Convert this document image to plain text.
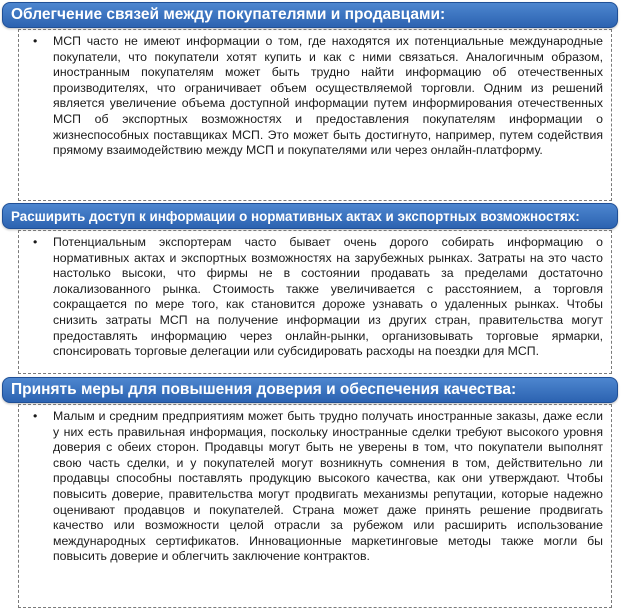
Облегчение связей между покупателями и продавцами:
• МСП часто не имеют информации о том, где находятся их потенциальные международные покупатели, что покупатели хотят купить и как с ними связаться. Аналогичным образом, иностранным покупателям может быть трудно найти информацию об отечественных производителях, что ограничивает объем осуществляемой торговли. Одним из решений является увеличение объема доступной информации путем информирования отечественных МСП об экспортных возможностях и предоставления покупателям информации о жизнеспособных поставщиках МСП. Это может быть достигнуто, например, путем содействия прямому взаимодействию между МСП и покупателями или через онлайн-платформу.

Расширить доступ к информации о нормативных актах и экспортных возможностях:
• Потенциальным экспортерам часто бывает очень дорого собирать информацию о нормативных актах и экспортных возможностях на зарубежных рынках. Затраты на это часто настолько высоки, что фирмы не в состоянии продавать за пределами достаточно локализованного рынка. Стоимость также увеличивается с расстоянием, а торговля сокращается по мере того, как становится дороже узнавать о удаленных рынках. Чтобы снизить затраты МСП на получение информации из других стран, правительства могут предоставлять информацию через онлайн-рынки, организовывать торговые ярмарки, спонсировать торговые делегации или субсидировать расходы на поездки для МСП.

Принять меры для повышения доверия и обеспечения качества:
• Малым и средним предприятиям может быть трудно получать иностранные заказы, даже если у них есть правильная информация, поскольку иностранные сделки требуют высокого уровня доверия с обеих сторон. Продавцы могут быть не уверены в том, что покупатели выполнят свою часть сделки, и у покупателей могут возникнуть сомнения в том, действительно ли продавцы способны поставлять продукцию высокого качества, как они утверждают. Чтобы повысить доверие, правительства могут продвигать механизмы репутации, которые надежно оценивают продавцов и покупателей. Страна может даже принять решение продвигать качество или возможности целой отрасли за рубежом или расширить использование международных сертификатов. Инновационные маркетинговые методы также могли бы повысить доверие и облегчить заключение контрактов.
